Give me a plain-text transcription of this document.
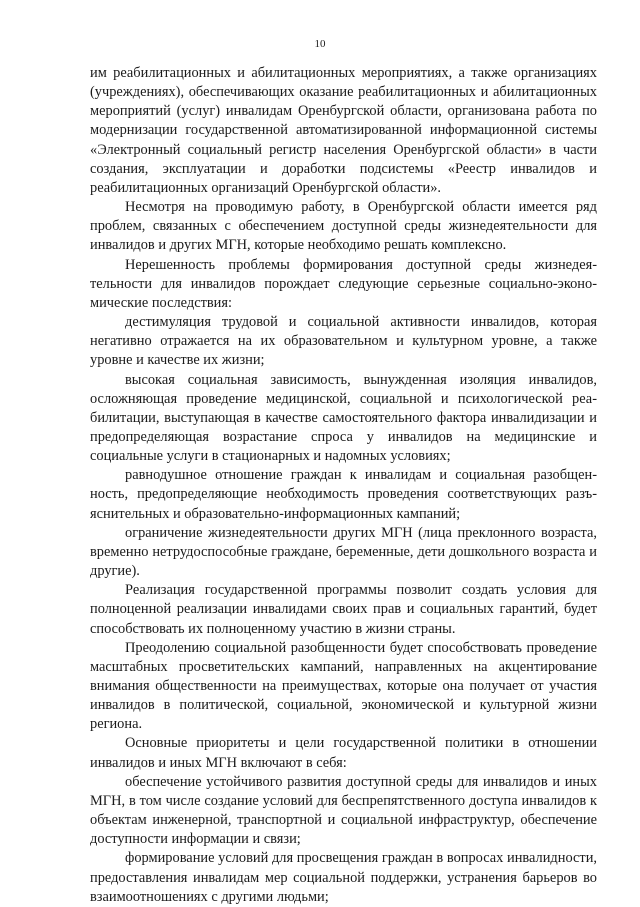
10

им реабилитационных и абилитационных мероприятиях, а также организациях (учреждениях), обеспечивающих оказание реабилитационных и абилитационных мероприятий (услуг) инвалидам Оренбургской области, организована работа по модернизации государственной автоматизированной информационной системы «Электронный социальный регистр населения Оренбургской области» в части создания, эксплуатации и доработки подсистемы «Реестр инвалидов и реабилитационных организаций Оренбургской области».

Несмотря на проводимую работу, в Оренбургской области имеется ряд проблем, связанных с обеспечением доступной среды жизнедеятельности для инвалидов и других МГН, которые необходимо решать комплексно.

Нерешенность проблемы формирования доступной среды жизнедеятельности для инвалидов порождает следующие серьезные социально-экономические последствия:

дестимуляция трудовой и социальной активности инвалидов, которая негативно отражается на их образовательном и культурном уровне, а также уровне и качестве их жизни;

высокая социальная зависимость, вынужденная изоляция инвалидов, осложняющая проведение медицинской, социальной и психологической реабилитации, выступающая в качестве самостоятельного фактора инвалидизации и предопределяющая возрастание спроса у инвалидов на медицинские и социальные услуги в стационарных и надомных условиях;

равнодушное отношение граждан к инвалидам и социальная разобщенность, предопределяющие необходимость проведения соответствующих разъяснительных и образовательно-информационных кампаний;

ограничение жизнедеятельности других МГН (лица преклонного возраста, временно нетрудоспособные граждане, беременные, дети дошкольного возраста и другие).

Реализация государственной программы позволит создать условия для полноценной реализации инвалидами своих прав и социальных гарантий, будет способствовать их полноценному участию в жизни страны.

Преодолению социальной разобщенности будет способствовать проведение масштабных просветительских кампаний, направленных на акцентирование внимания общественности на преимуществах, которые она получает от участия инвалидов в политической, социальной, экономической и культурной жизни региона.

Основные приоритеты и цели государственной политики в отношении инвалидов и иных МГН включают в себя:

обеспечение устойчивого развития доступной среды для инвалидов и иных МГН, в том числе создание условий для беспрепятственного доступа инвалидов к объектам инженерной, транспортной и социальной инфраструктур, обеспечение доступности информации и связи;

формирование условий для просвещения граждан в вопросах инвалидности, предоставления инвалидам мер социальной поддержки, устранения барьеров во взаимоотношениях с другими людьми;
